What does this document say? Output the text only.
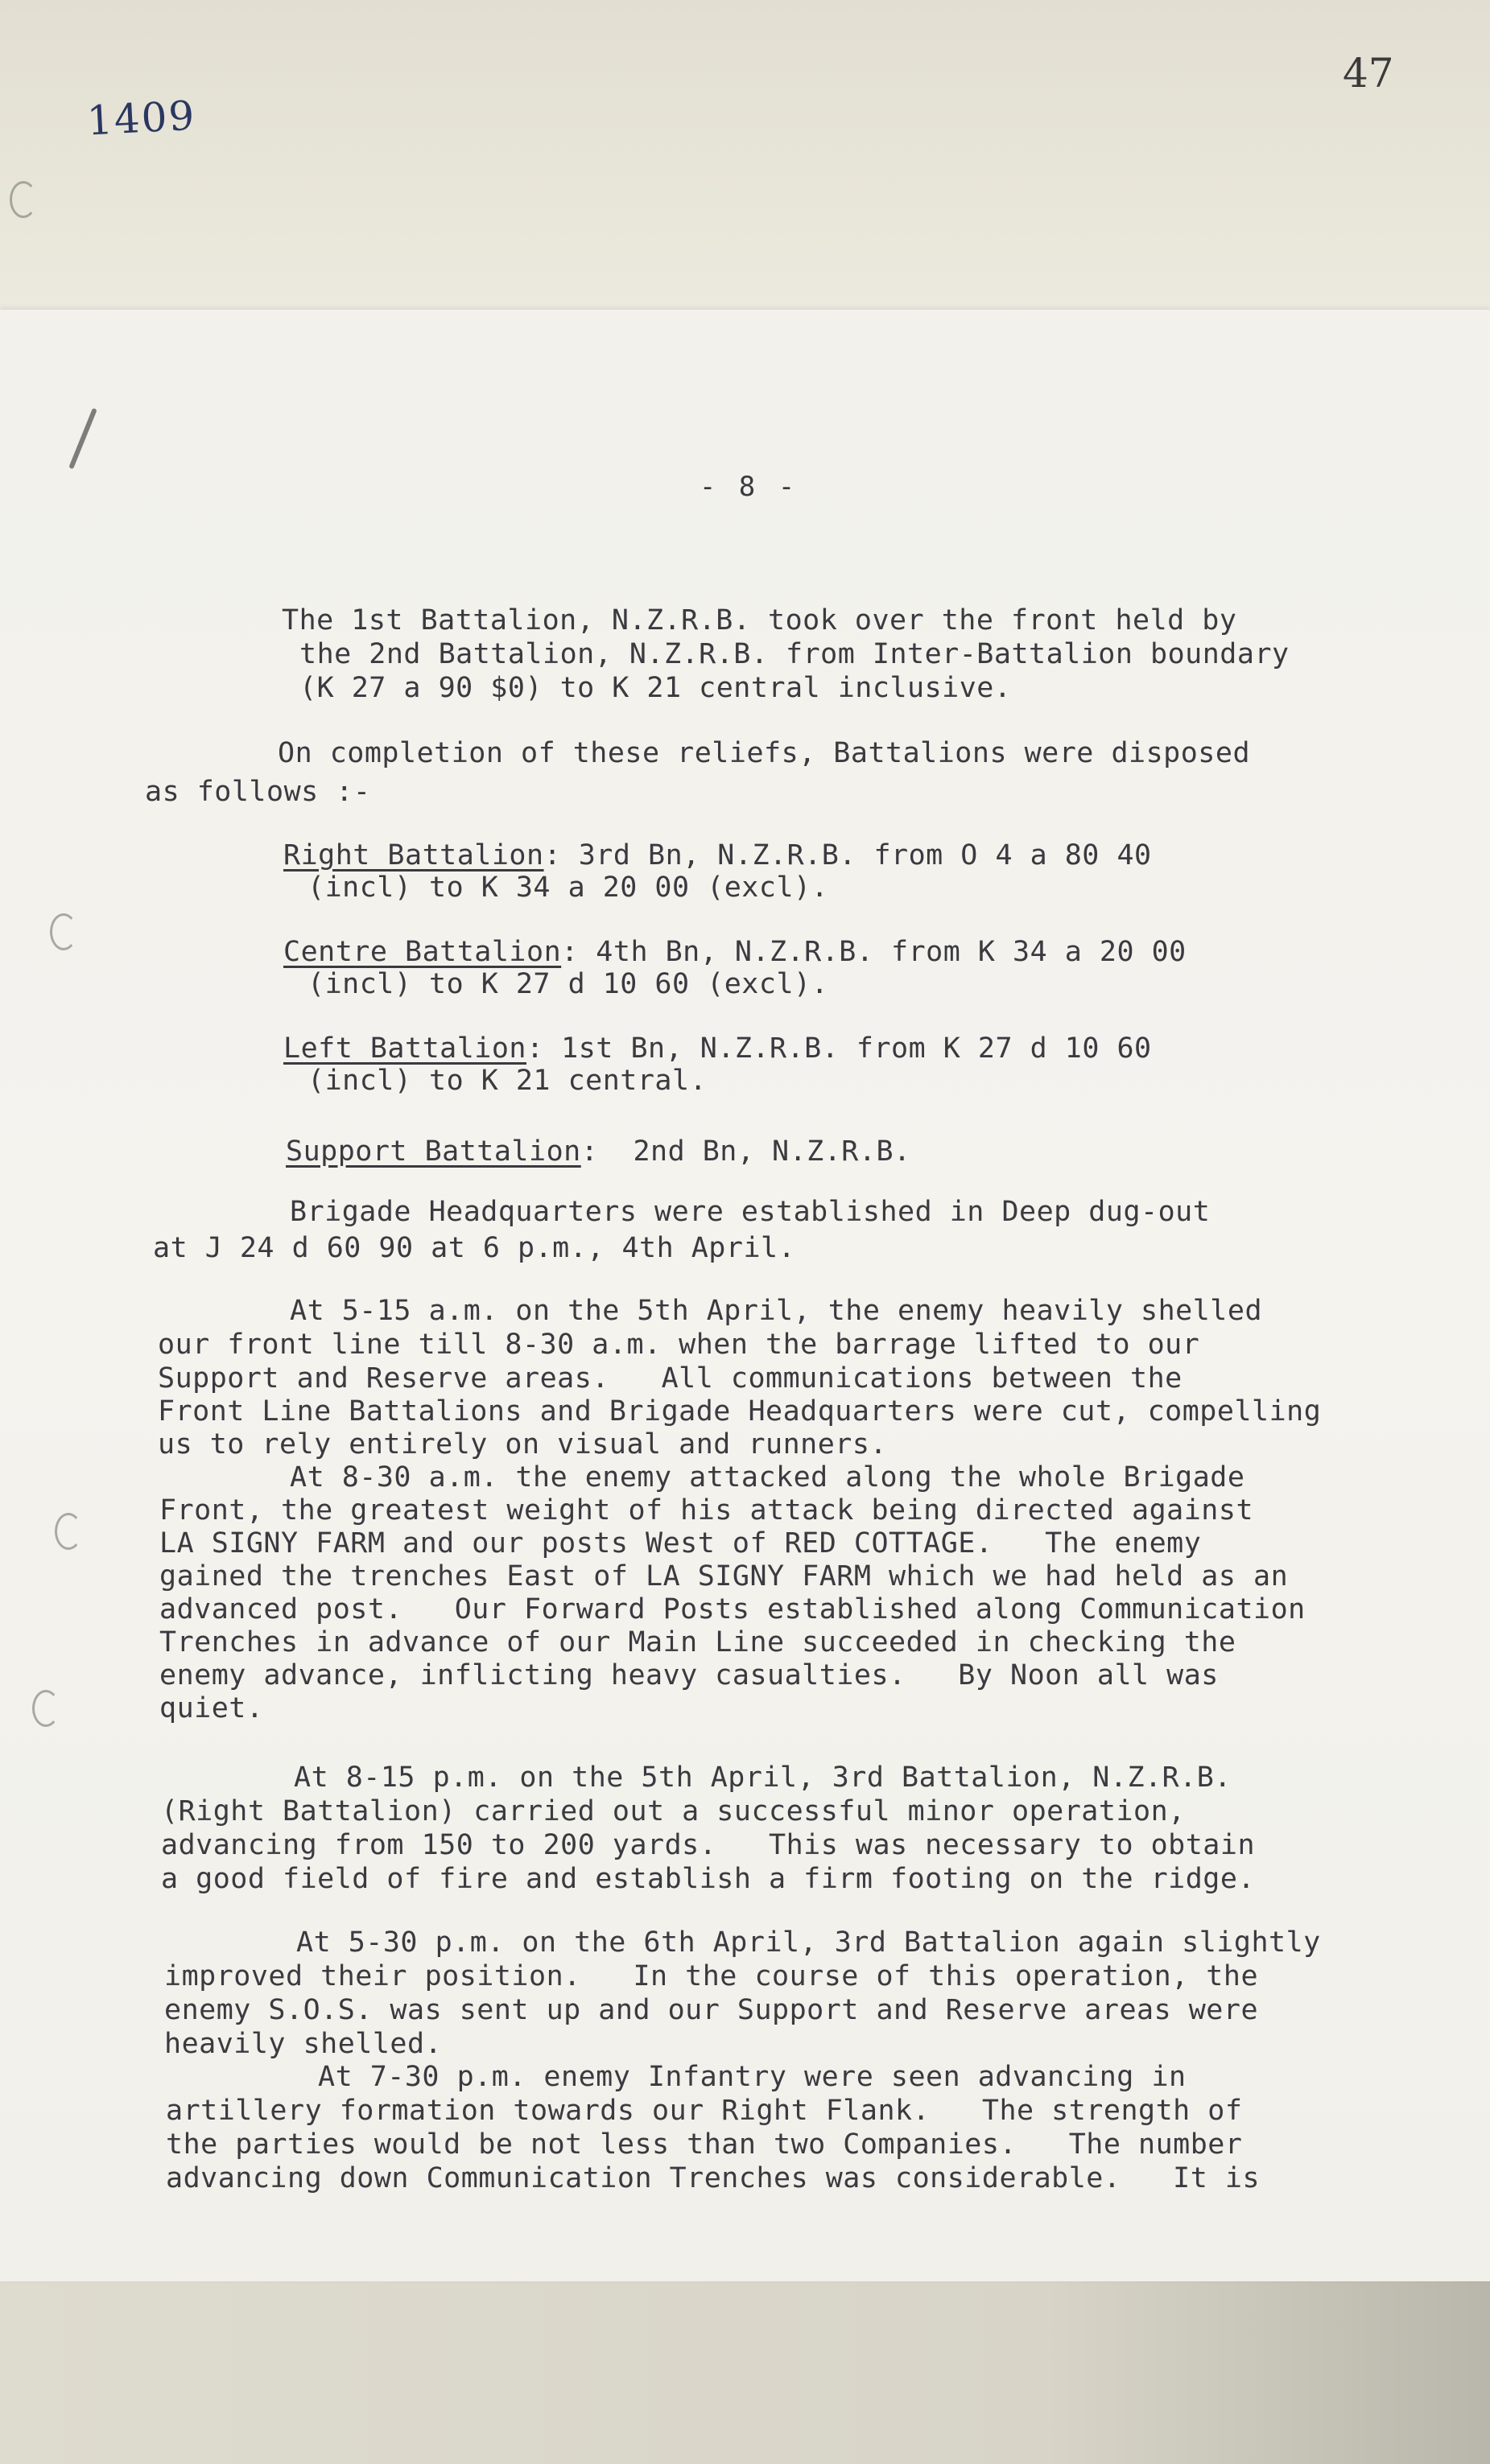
1409
47
- 8 -
The 1st Battalion, N.Z.R.B. took over the front held by
the 2nd Battalion, N.Z.R.B. from Inter-Battalion boundary
(K 27 a 90 $0) to K 21 central inclusive.
On completion of these reliefs, Battalions were disposed
as follows :-
Right Battalion: 3rd Bn, N.Z.R.B. from O 4 a 80 40
(incl) to K 34 a 20 00 (excl).
Centre Battalion: 4th Bn, N.Z.R.B. from K 34 a 20 00
(incl) to K 27 d 10 60 (excl).
Left Battalion: 1st Bn, N.Z.R.B. from K 27 d 10 60
(incl) to K 21 central.
Support Battalion:  2nd Bn, N.Z.R.B.
Brigade Headquarters were established in Deep dug-out
at J 24 d 60 90 at 6 p.m., 4th April.
At 5-15 a.m. on the 5th April, the enemy heavily shelled
our front line till 8-30 a.m. when the barrage lifted to our
Support and Reserve areas.   All communications between the
Front Line Battalions and Brigade Headquarters were cut, compelling
us to rely entirely on visual and runners.
At 8-30 a.m. the enemy attacked along the whole Brigade
Front, the greatest weight of his attack being directed against
LA SIGNY FARM and our posts West of RED COTTAGE.   The enemy
gained the trenches East of LA SIGNY FARM which we had held as an
advanced post.   Our Forward Posts established along Communication
Trenches in advance of our Main Line succeeded in checking the
enemy advance, inflicting heavy casualties.   By Noon all was
quiet.
At 8-15 p.m. on the 5th April, 3rd Battalion, N.Z.R.B.
(Right Battalion) carried out a successful minor operation,
advancing from 150 to 200 yards.   This was necessary to obtain
a good field of fire and establish a firm footing on the ridge.
At 5-30 p.m. on the 6th April, 3rd Battalion again slightly
improved their position.   In the course of this operation, the
enemy S.O.S. was sent up and our Support and Reserve areas were
heavily shelled.
At 7-30 p.m. enemy Infantry were seen advancing in
artillery formation towards our Right Flank.   The strength of
the parties would be not less than two Companies.   The number
advancing down Communication Trenches was considerable.   It is
